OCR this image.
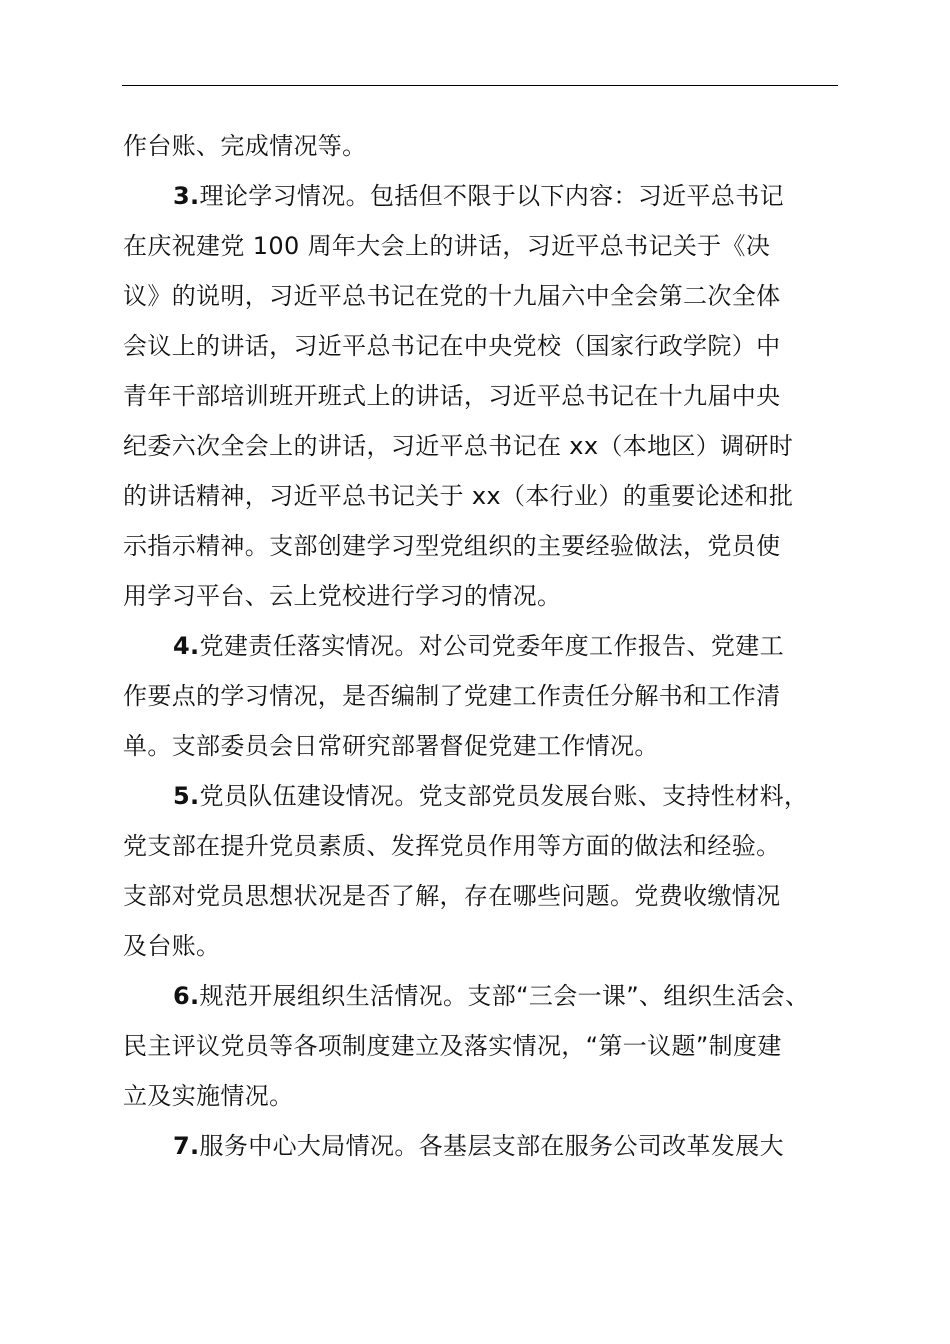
作台账、完成情况等。
3.理论学习情况。包括但不限于以下内容：习近平总书记
在庆祝建党 100 周年大会上的讲话，习近平总书记关于《决
议》的说明，习近平总书记在党的十九届六中全会第二次全体
会议上的讲话，习近平总书记在中央党校（国家行政学院）中
青年干部培训班开班式上的讲话，习近平总书记在十九届中央
纪委六次全会上的讲话，习近平总书记在 xx（本地区）调研时
的讲话精神，习近平总书记关于 xx（本行业）的重要论述和批
示指示精神。支部创建学习型党组织的主要经验做法，党员使
用学习平台、云上党校进行学习的情况。
4.党建责任落实情况。对公司党委年度工作报告、党建工
作要点的学习情况，是否编制了党建工作责任分解书和工作清
单。支部委员会日常研究部署督促党建工作情况。
5.党员队伍建设情况。党支部党员发展台账、支持性材料，
党支部在提升党员素质、发挥党员作用等方面的做法和经验。
支部对党员思想状况是否了解，存在哪些问题。党费收缴情况
及台账。
6.规范开展组织生活情况。支部“三会一课”、组织生活会、
民主评议党员等各项制度建立及落实情况，“第一议题”制度建
立及实施情况。
7.服务中心大局情况。各基层支部在服务公司改革发展大
